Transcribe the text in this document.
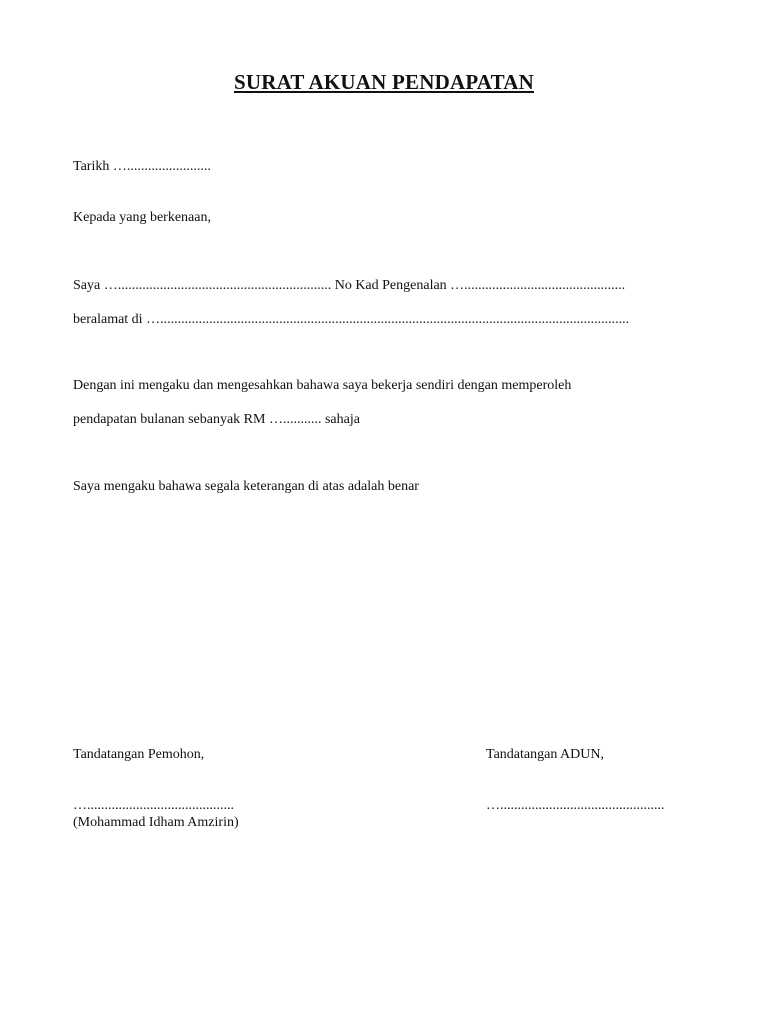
SURAT AKUAN PENDAPATAN
Tarikh …........................
Kepada yang berkenaan,
Saya …............................................................. No Kad Pengenalan …..............................................
beralamat di …......................................................................................................................................
Dengan ini mengaku dan mengesahkan bahawa saya bekerja sendiri dengan memperoleh
pendapatan bulanan sebanyak RM …........... sahaja
Saya mengaku bahawa segala keterangan di atas adalah benar
Tandatangan Pemohon,	Tandatangan ADUN,
…..........................................	…...............................................
(Mohammad Idham Amzirin)
